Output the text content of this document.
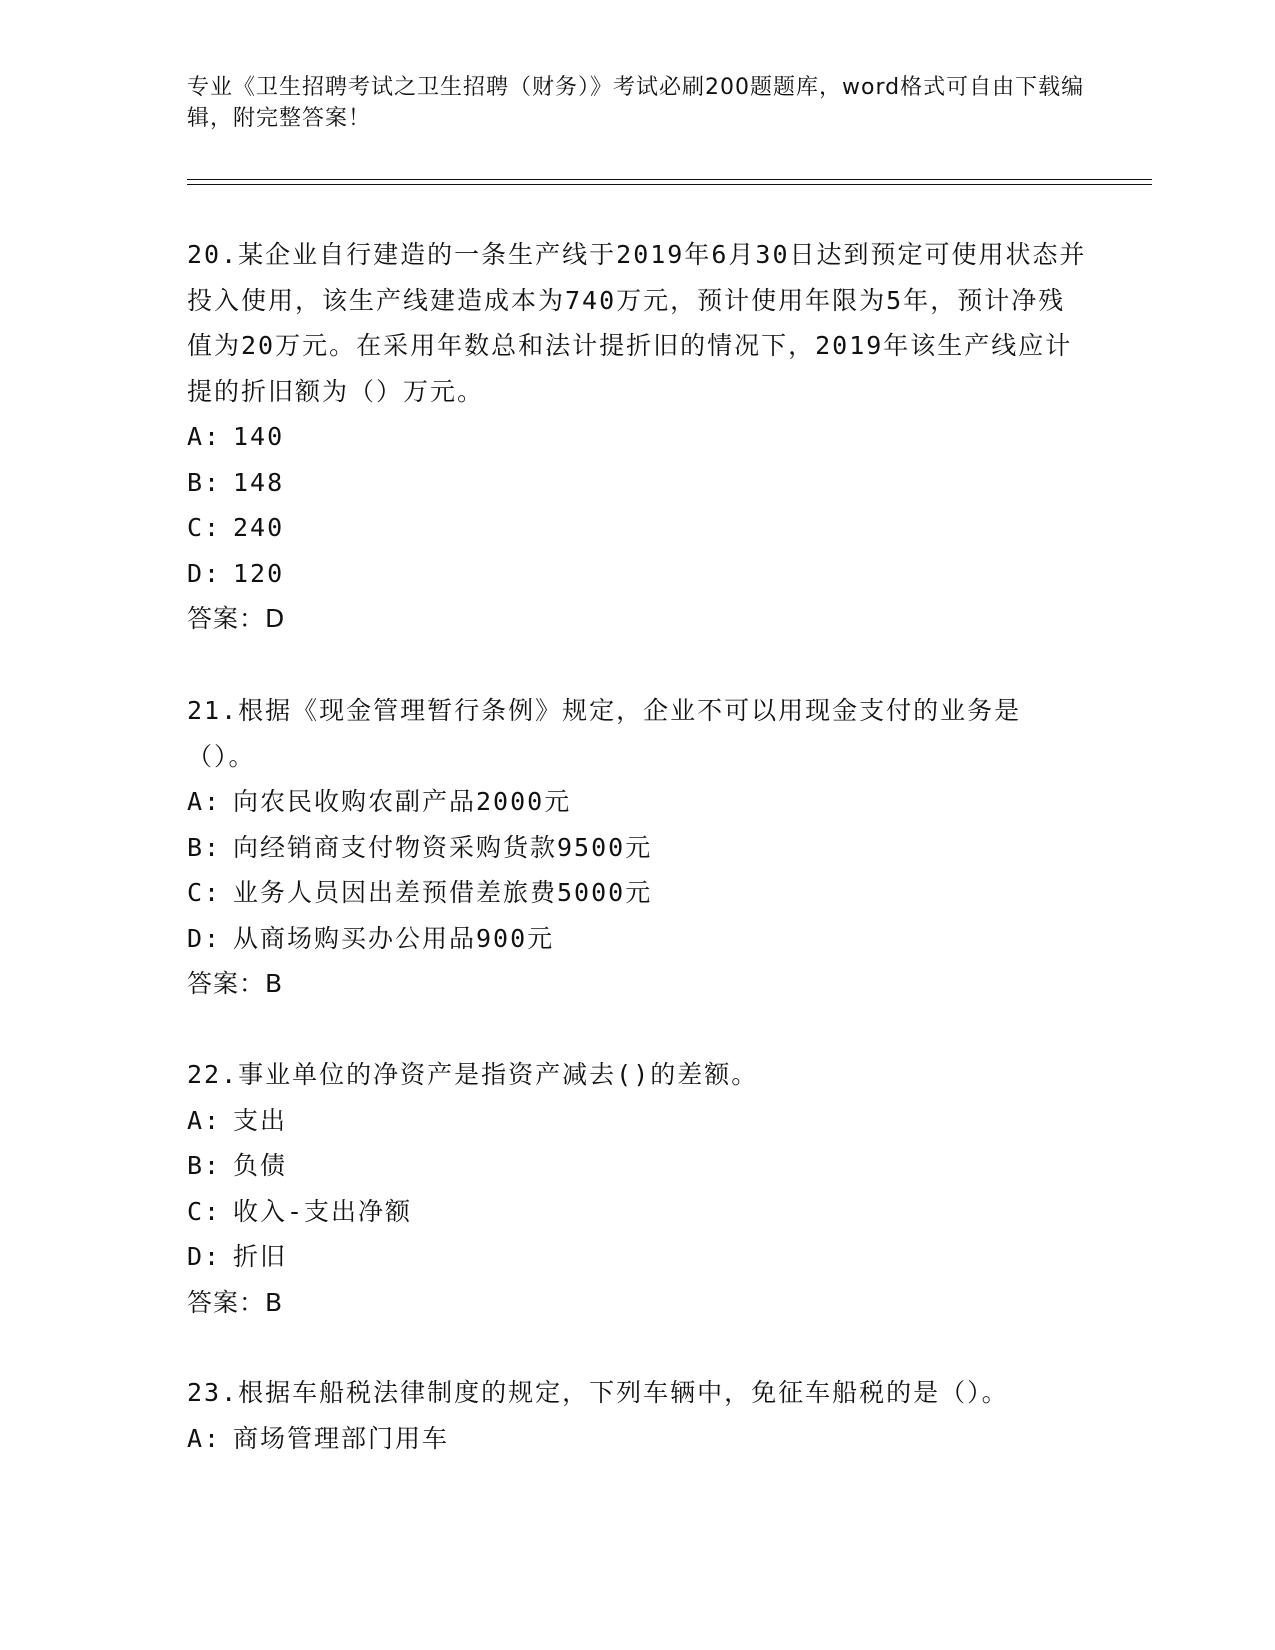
专业《卫生招聘考试之卫生招聘（财务）》考试必刷200题题库，word格式可自由下载编辑，附完整答案！

20.某企业自行建造的一条生产线于2019年6月30日达到预定可使用状态并投入使用，该生产线建造成本为740万元，预计使用年限为5年，预计净残值为20万元。在采用年数总和法计提折旧的情况下，2019年该生产线应计提的折旧额为（）万元。

A: 140
B: 148
C: 240
D: 120
答案：D

21.根据《现金管理暂行条例》规定，企业不可以用现金支付的业务是（）。

A: 向农民收购农副产品2000元
B: 向经销商支付物资采购货款9500元
C: 业务人员因出差预借差旅费5000元
D: 从商场购买办公用品900元
答案：B

22.事业单位的净资产是指资产减去()的差额。

A: 支出
B: 负债
C: 收入-支出净额
D: 折旧
答案：B

23.根据车船税法律制度的规定，下列车辆中，免征车船税的是（）。

A: 商场管理部门用车
